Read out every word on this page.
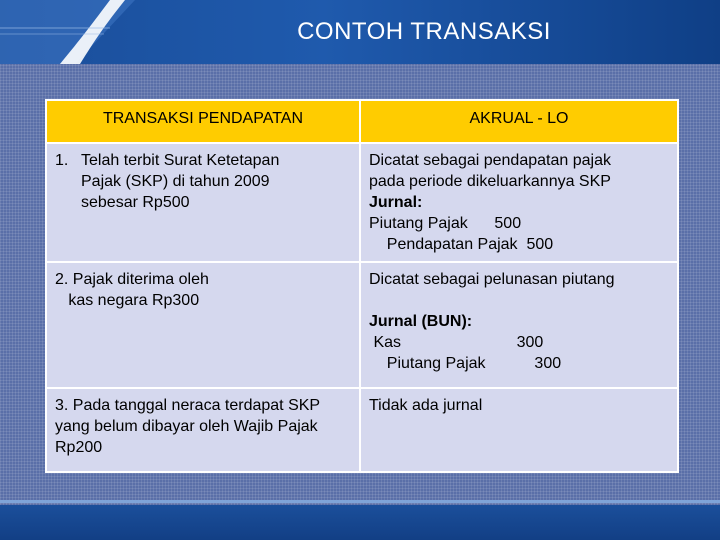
CONTOH TRANSAKSI
TRANSAKSI PENDAPATAN	AKRUAL - LO

1. Telah terbit Surat Ketetapan
Pajak (SKP) di tahun 2009
sebesar Rp500	Dicatat sebagai pendapatan pajak
pada periode dikeluarkannya SKP
Jurnal:
Piutang Pajak      500
Pendapatan Pajak  500

2. Pajak diterima oleh
kas negara Rp300	Dicatat sebagai pelunasan piutang

Jurnal (BUN):
Kas                          300
Piutang Pajak           300

3. Pada tanggal neraca terdapat SKP
yang belum dibayar oleh Wajib Pajak
Rp200	Tidak ada jurnal
